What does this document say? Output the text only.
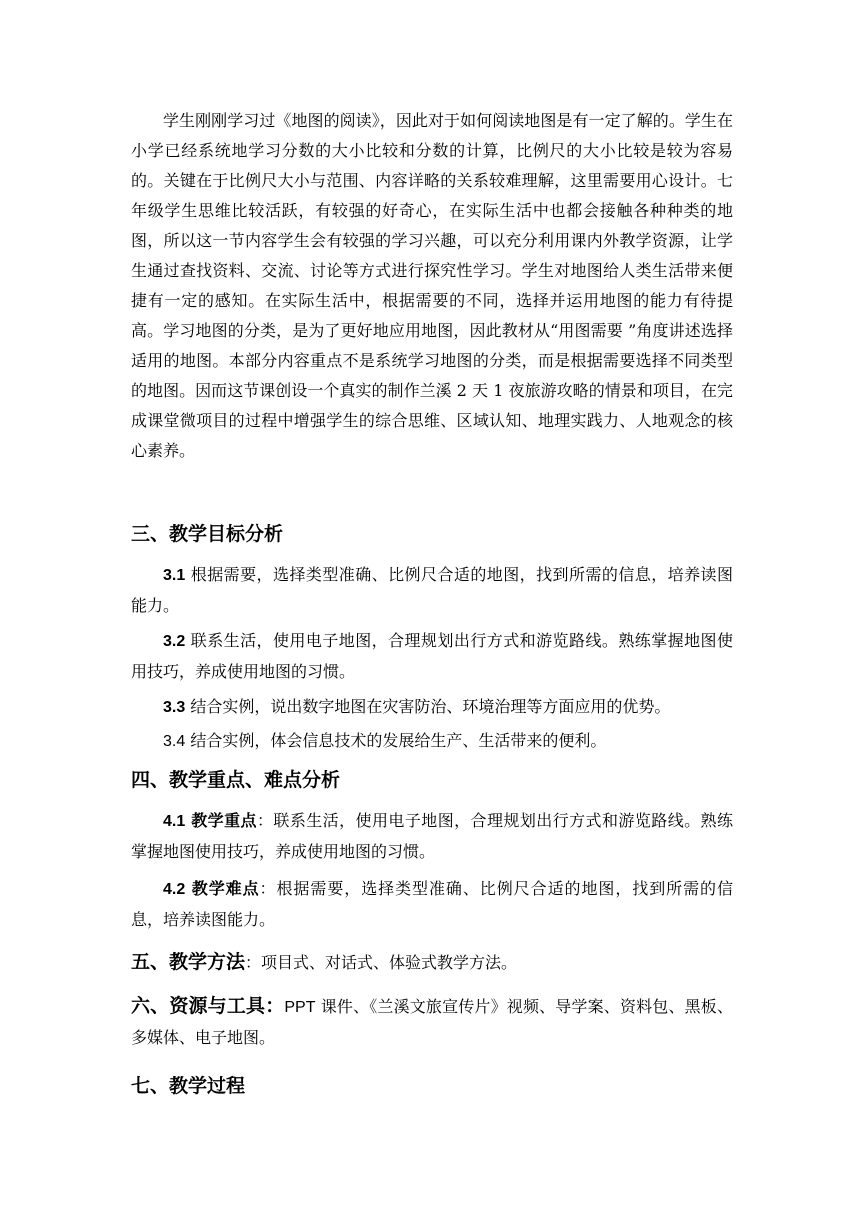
学生刚刚学习过《地图的阅读》，因此对于如何阅读地图是有一定了解的。学生在小学已经系统地学习分数的大小比较和分数的计算，比例尺的大小比较是较为容易的。关键在于比例尺大小与范围、内容详略的关系较难理解，这里需要用心设计。七年级学生思维比较活跃，有较强的好奇心，在实际生活中也都会接触各种种类的地图，所以这一节内容学生会有较强的学习兴趣，可以充分利用课内外教学资源，让学生通过查找资料、交流、讨论等方式进行探究性学习。学生对地图给人类生活带来便捷有一定的感知。在实际生活中，根据需要的不同，选择并运用地图的能力有待提高。学习地图的分类，是为了更好地应用地图，因此教材从“用图需要 ”角度讲述选择适用的地图。本部分内容重点不是系统学习地图的分类，而是根据需要选择不同类型的地图。因而这节课创设一个真实的制作兰溪 2 天 1 夜旅游攻略的情景和项目，在完成课堂微项目的过程中增强学生的综合思维、区域认知、地理实践力、人地观念的核心素养。

三、教学目标分析

3.1 根据需要，选择类型准确、比例尺合适的地图，找到所需的信息，培养读图能力。

3.2 联系生活，使用电子地图，合理规划出行方式和游览路线。熟练掌握地图使用技巧，养成使用地图的习惯。

3.3 结合实例，说出数字地图在灾害防治、环境治理等方面应用的优势。

3.4 结合实例，体会信息技术的发展给生产、生活带来的便利。

四、教学重点、难点分析

4.1 教学重点：联系生活，使用电子地图，合理规划出行方式和游览路线。熟练掌握地图使用技巧，养成使用地图的习惯。

4.2 教学难点：根据需要，选择类型准确、比例尺合适的地图，找到所需的信息，培养读图能力。

五、教学方法：项目式、对话式、体验式教学方法。
六、资源与工具：PPT 课件、《兰溪文旅宣传片》视频、导学案、资料包、黑板、多媒体、电子地图。
七、教学过程
